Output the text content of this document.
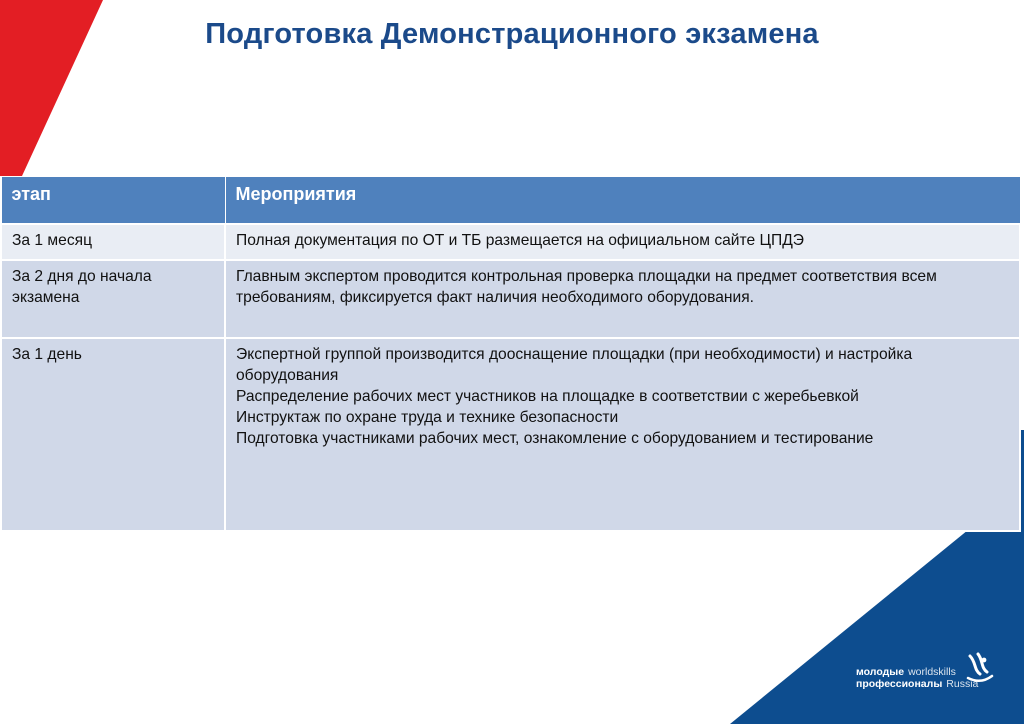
Подготовка Демонстрационного экзамена
этап	Мероприятия
За 1 месяц	Полная документация по ОТ и ТБ размещается на официальном сайте ЦПДЭ

За 2 дня до начала экзамена	Главным экспертом проводится контрольная проверка площадки на предмет соответствия всем требованиям, фиксируется факт наличия необходимого оборудования.

За 1 день	Экспертной группой производится дооснащение площадки (при необходимости) и настройка оборудования
Распределение рабочих мест участников на площадке в соответствии с жеребьевкой
Инструктаж по охране труда и технике безопасности
Подготовка участниками рабочих мест, ознакомление с оборудованием и тестирование
молодые worldskills
профессионалы Russia
